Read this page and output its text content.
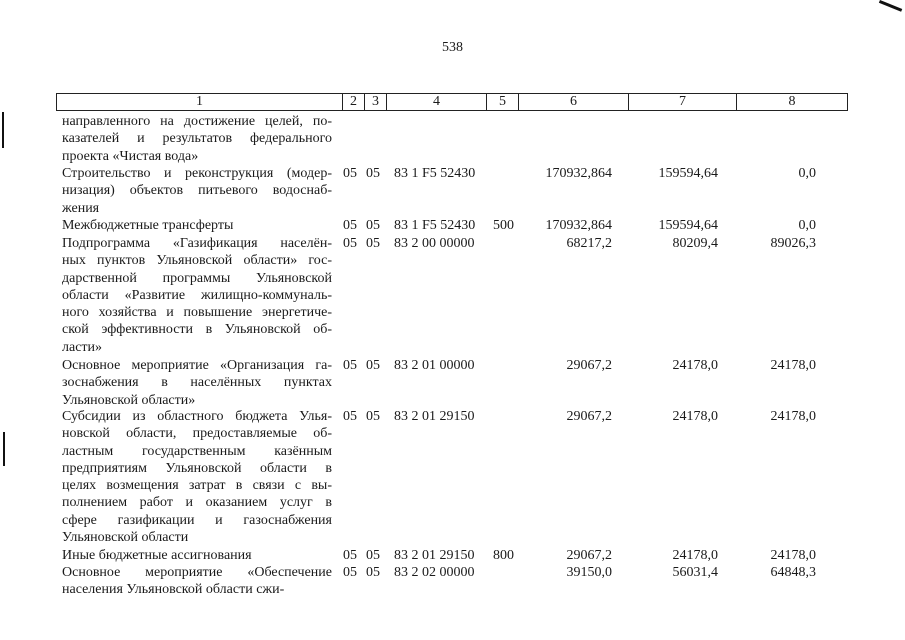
538
1	2	3	4	5	6	7	8
направленного на достижение целей, по-
казателей и результатов федерального
проекта «Чистая вода»
Строительство и реконструкция (модер-
низация) объектов питьевого водоснаб-
жения
05 05 83 1 F5 52430	170932,864	159594,64	0,0
Межбюджетные трансферты	05 05 83 1 F5 52430 500	170932,864	159594,64	0,0
Подпрограмма «Газификация населён-
ных пунктов Ульяновской области» гос-
дарственной программы Ульяновской
области «Развитие жилищно-коммуналь-
ного хозяйства и повышение энергетиче-
ской эффективности в Ульяновской об-
ласти»
05 05 83 2 00 00000	68217,2	80209,4	89026,3
Основное мероприятие «Организация га-
зоснабжения в населённых пунктах
Ульяновской области»
05 05 83 2 01 00000	29067,2	24178,0	24178,0
Субсидии из областного бюджета Улья-
новской области, предоставляемые об-
ластным государственным казённым
предприятиям Ульяновской области в
целях возмещения затрат в связи с вы-
полнением работ и оказанием услуг в
сфере газификации и газоснабжения
Ульяновской области
05 05 83 2 01 29150	29067,2	24178,0	24178,0
Иные бюджетные ассигнования	05 05 83 2 01 29150 800	29067,2	24178,0	24178,0
Основное мероприятие «Обеспечение
населения Ульяновской области сжи-
05 05 83 2 02 00000	39150,0	56031,4	64848,3
